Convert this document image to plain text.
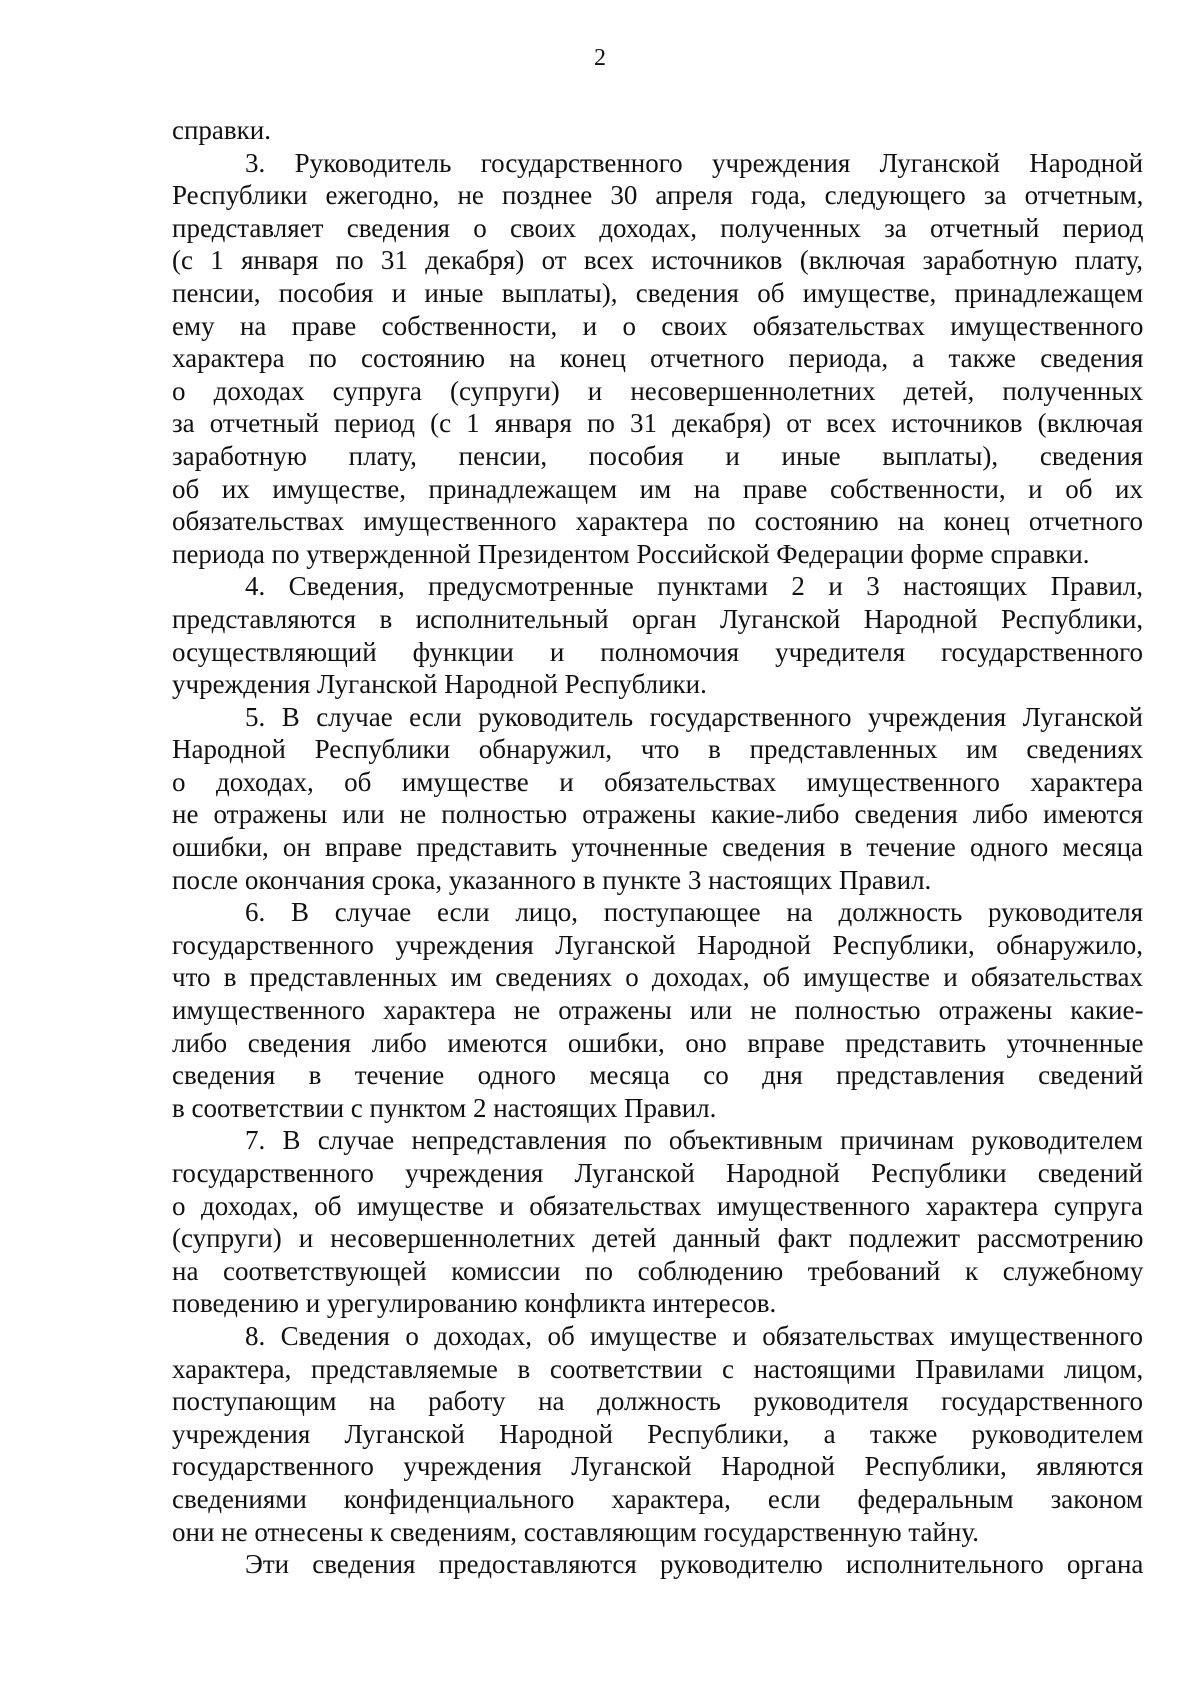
2
справки.
3. Руководитель государственного учреждения Луганской Народной
Республики ежегодно, не позднее 30 апреля года, следующего за отчетным,
представляет сведения о своих доходах, полученных за отчетный период
(с 1 января по 31 декабря) от всех источников (включая заработную плату,
пенсии, пособия и иные выплаты), сведения об имуществе, принадлежащем
ему на праве собственности, и о своих обязательствах имущественного
характера по состоянию на конец отчетного периода, а также сведения
о доходах супруга (супруги) и несовершеннолетних детей, полученных
за отчетный период (с 1 января по 31 декабря) от всех источников (включая
заработную плату, пенсии, пособия и иные выплаты), сведения
об их имуществе, принадлежащем им на праве собственности, и об их
обязательствах имущественного характера по состоянию на конец отчетного
периода по утвержденной Президентом Российской Федерации форме справки.
4. Сведения, предусмотренные пунктами 2 и 3 настоящих Правил,
представляются в исполнительный орган Луганской Народной Республики,
осуществляющий функции и полномочия учредителя государственного
учреждения Луганской Народной Республики.
5. В случае если руководитель государственного учреждения Луганской
Народной Республики обнаружил, что в представленных им сведениях
о доходах, об имуществе и обязательствах имущественного характера
не отражены или не полностью отражены какие-либо сведения либо имеются
ошибки, он вправе представить уточненные сведения в течение одного месяца
после окончания срока, указанного в пункте 3 настоящих Правил.
6. В случае если лицо, поступающее на должность руководителя
государственного учреждения Луганской Народной Республики, обнаружило,
что в представленных им сведениях о доходах, об имуществе и обязательствах
имущественного характера не отражены или не полностью отражены какие-
либо сведения либо имеются ошибки, оно вправе представить уточненные
сведения в течение одного месяца со дня представления сведений
в соответствии с пунктом 2 настоящих Правил.
7. В случае непредставления по объективным причинам руководителем
государственного учреждения Луганской Народной Республики сведений
о доходах, об имуществе и обязательствах имущественного характера супруга
(супруги) и несовершеннолетних детей данный факт подлежит рассмотрению
на соответствующей комиссии по соблюдению требований к служебному
поведению и урегулированию конфликта интересов.
8. Сведения о доходах, об имуществе и обязательствах имущественного
характера, представляемые в соответствии с настоящими Правилами лицом,
поступающим на работу на должность руководителя государственного
учреждения Луганской Народной Республики, а также руководителем
государственного учреждения Луганской Народной Республики, являются
сведениями конфиденциального характера, если федеральным законом
они не отнесены к сведениям, составляющим государственную тайну.
Эти сведения предоставляются руководителю исполнительного органа
